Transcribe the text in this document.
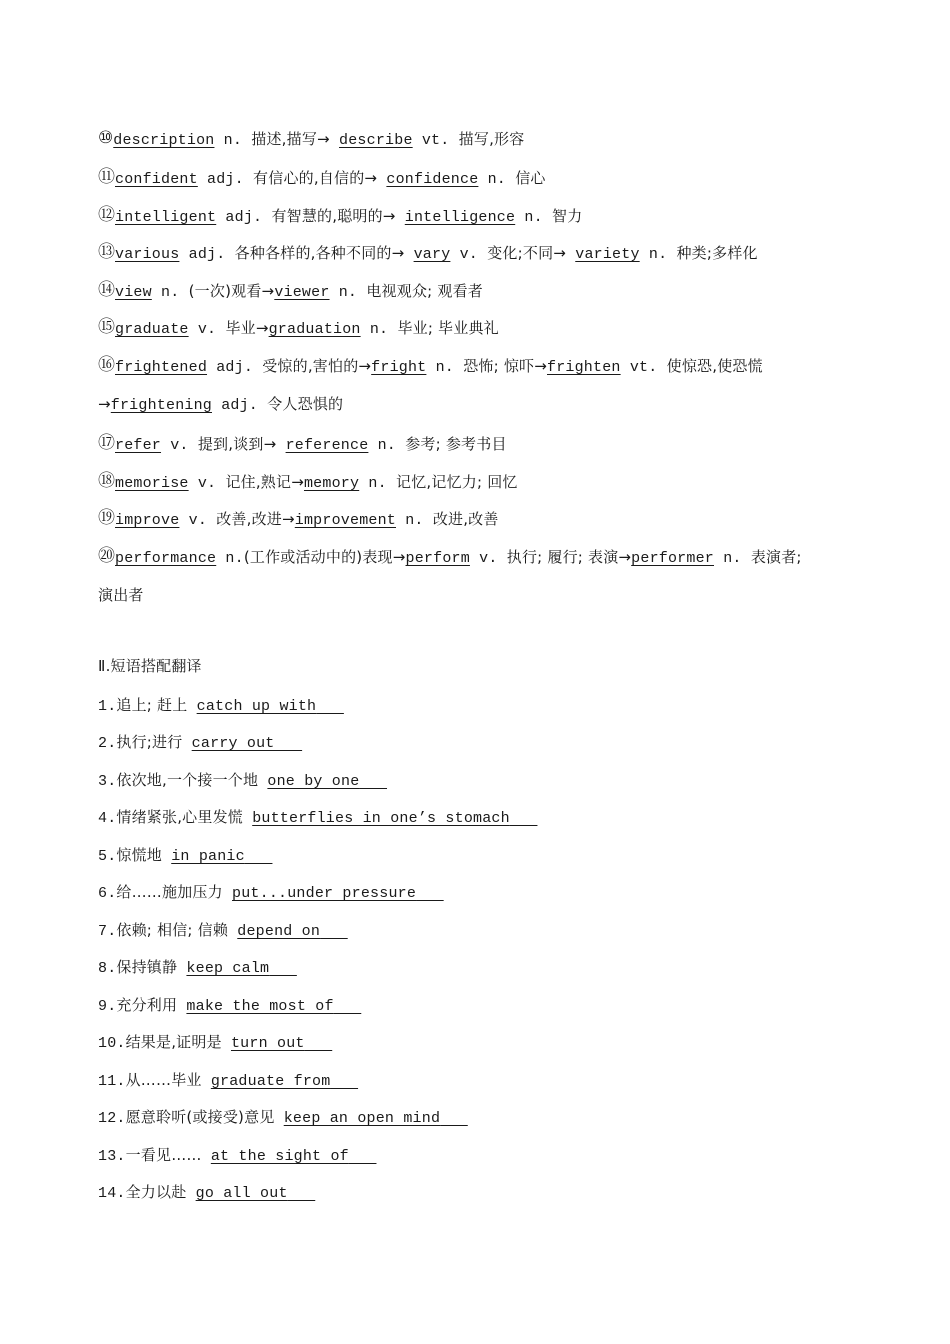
⑩description n. 描述,描写→ describe vt. 描写,形容
⑪confident adj. 有信心的,自信的→ confidence n. 信心
⑫intelligent adj. 有智慧的,聪明的→ intelligence n. 智力
⑬various adj. 各种各样的,各种不同的→ vary v. 变化;不同→ variety n. 种类;多样化
⑭view n. (一次)观看→viewer n. 电视观众; 观看者
⑮graduate v. 毕业→graduation n. 毕业; 毕业典礼
⑯frightened adj. 受惊的,害怕的→fright n. 恐怖; 惊吓→frighten vt. 使惊恐,使恐慌
→frightening adj. 令人恐惧的
⑰refer v. 提到,谈到→ reference n. 参考; 参考书目
⑱memorise v. 记住,熟记→memory n. 记忆,记忆力; 回忆
⑲improve v. 改善,改进→improvement n. 改进,改善
⑳performance n.(工作或活动中的)表现→perform v. 执行; 履行; 表演→performer n. 表演者;
演出者
Ⅱ.短语搭配翻译
1.追上; 赶上 catch up with
2.执行;进行 carry out
3.依次地,一个接一个地 one by one
4.情绪紧张,心里发慌 butterflies in one’s stomach
5.惊慌地 in panic
6.给……施加压力 put...under pressure
7.依赖; 相信; 信赖 depend on
8.保持镇静 keep calm
9.充分利用 make the most of
10.结果是,证明是 turn out
11.从……毕业 graduate from
12.愿意聆听(或接受)意见 keep an open mind
13.一看见…… at the sight of
14.全力以赴 go all out
